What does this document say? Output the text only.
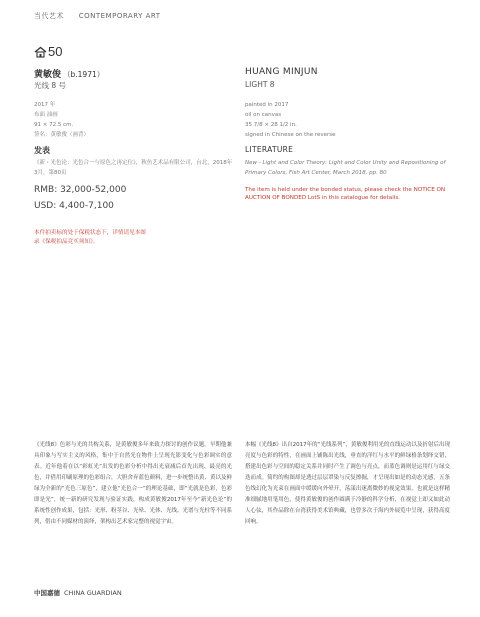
当代艺术 CONTEMPORARY ART
50
黄敏俊 （b.1971）
光线 8 号
HUANG MINJUN
LIGHT 8
2017 年
布面 油画
91 × 72.5 cm.
签名：黄敏俊（画背）
painted in 2017
oil on canvas
35 7/8 × 28 1/2 in.
signed in Chinese on the reverse
发表
《新・光色论：光色合一与原色之再定位》，秋鱼艺术品有限公司，台北，2018年3月，第80页
LITERATURE
New - Light and Color Theory: Light and Color Unity and Repositioning of Primary Colors, Fish Art Center, March 2018, pp. 80
RMB: 32,000-52,000
USD: 4,400-7,100
The item is held under the bonded status, please check the NOTICE ON AUCTION OF BONDED LotS in this catalogue for details.
本件拍卖标的处于保税状态下，详情请见本图录《保税拍品竞买须知》。
《光线8》色彩与光的共构关系，是黄敏俊多年来致力探讨的创作议题。早期他兼具印象与写实主义的风格，集中于自然光在物件上呈现光影变化与色彩调实的意表。近年他着在以“彩虹光”出发的色彩分析中得出光衰减后首先出现、最亮的光色，并借用印刷原理的色彩组合，大胆舍弃蓝色颜料，进一步统整出黄、黄以及鲜绿为全新的“光色三原色”，建立他“光色合一”的理论基础，即“光就是色彩，色彩即是光”，统一新的研究发现与验证实践，构成黄敏俊2017年至今“新光色论”的系统性创作成果，包括：光形、粉茎谷、光晕、光体、光线、光谱与光柱等不同系列，借由不同媒材的演绎，架构出艺术家完整的视觉宇宙。
本幅《光线8》出自2017年的“光线系列”，黄敏俊利用光的直线运动以及折射后出现亮度与色彩的特性，在画面上铺陈出光线，垂直的洋红与水平的鲜绿格条划绎交错，搭建出色彩与空间的稳定关系并同时产生了调色与亮点，而蓝色调则是运用红与绿交迭而成。简约的构图却是透过层层罩染与反复擦掘，才呈现出如是的动态光感，五条色线幻化为光束在画面中缓缓向外晕开，荡漾出迷离微妙的视觉效果，也就是这样精准细腻地用笔用色，使得黄敏俊的创作圆满于冷静的科学分析，在视觉上却又如此动人心弦，其作品除在台湾获得美术馆典藏，也曾多次于海内外展览中呈现，获得高度回响。
中国嘉德 CHINA GUARDIAN
